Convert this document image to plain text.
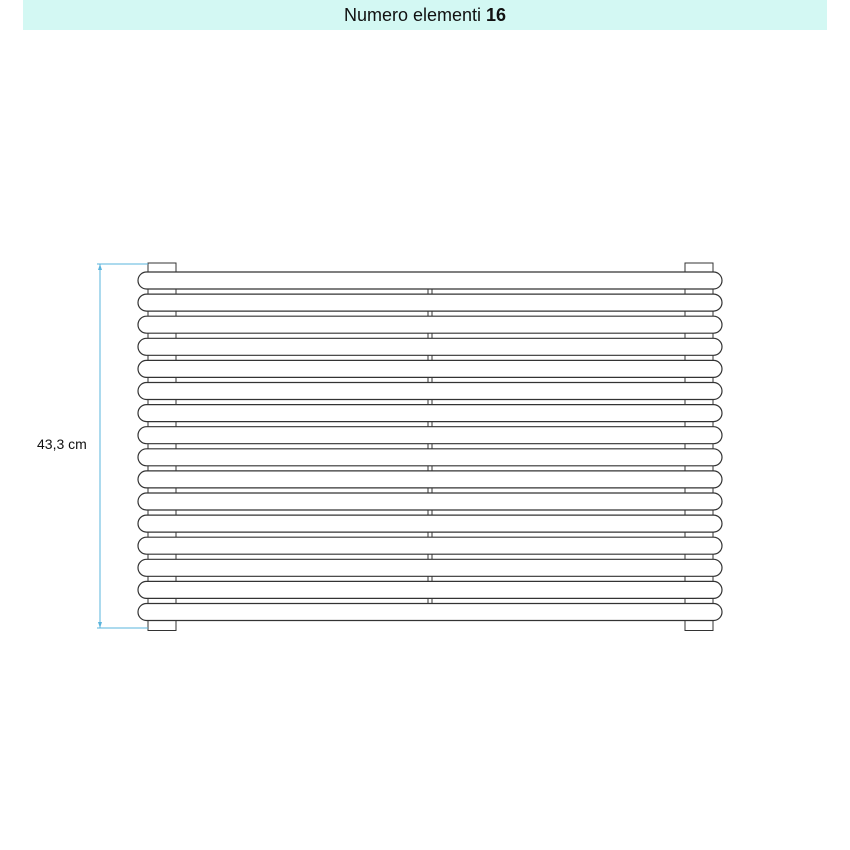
Numero elementi 16
43,3 cm
